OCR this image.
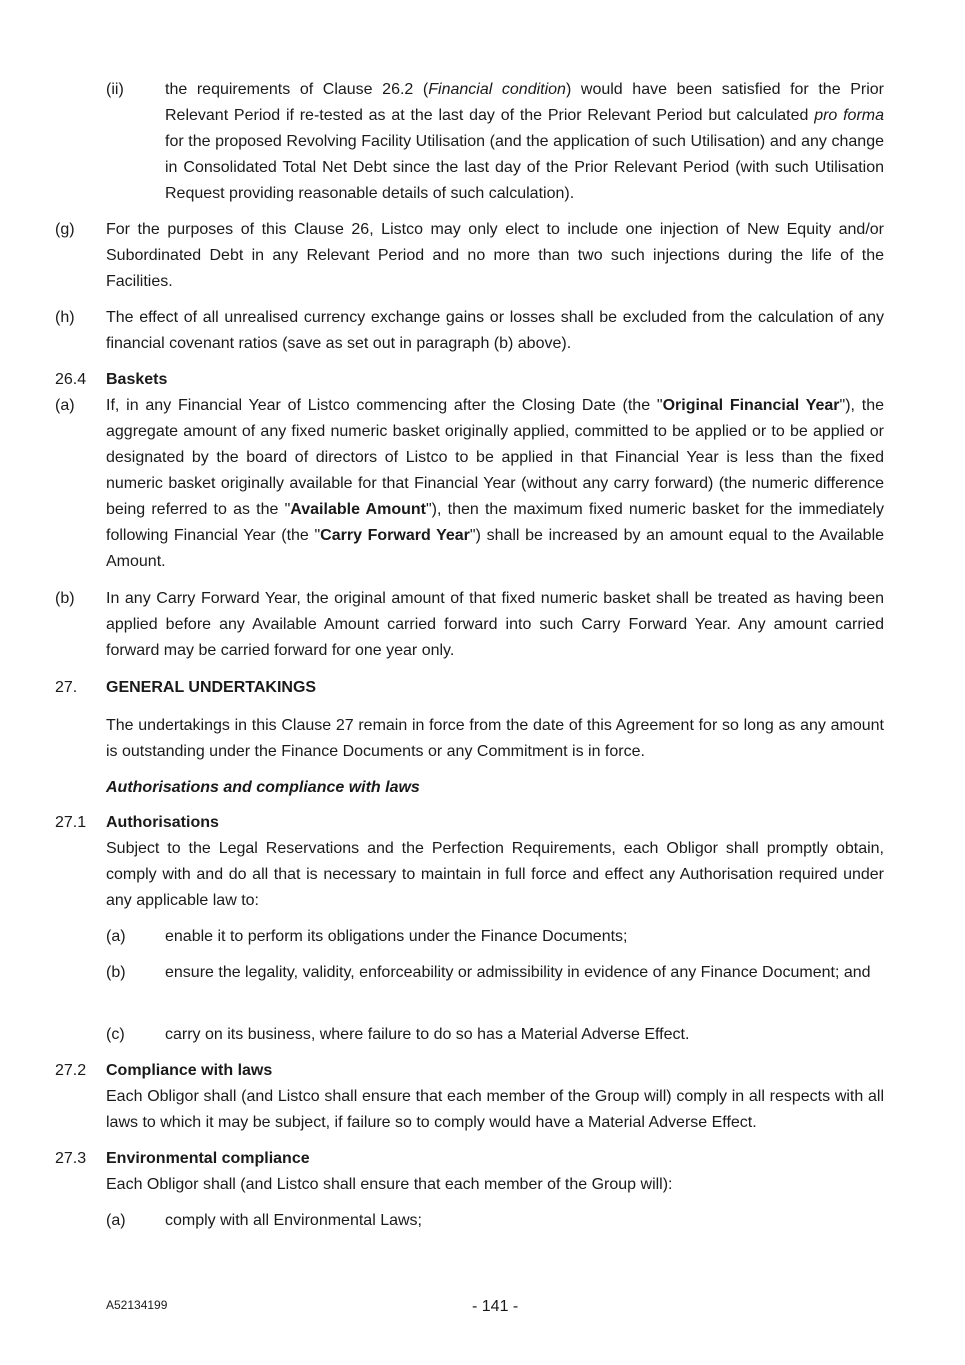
(ii)	the requirements of Clause 26.2 (Financial condition) would have been satisfied for the Prior Relevant Period if re-tested as at the last day of the Prior Relevant Period but calculated pro forma for the proposed Revolving Facility Utilisation (and the application of such Utilisation) and any change in Consolidated Total Net Debt since the last day of the Prior Relevant Period (with such Utilisation Request providing reasonable details of such calculation).
(g) For the purposes of this Clause 26, Listco may only elect to include one injection of New Equity and/or Subordinated Debt in any Relevant Period and no more than two such injections during the life of the Facilities.
(h) The effect of all unrealised currency exchange gains or losses shall be excluded from the calculation of any financial covenant ratios (save as set out in paragraph (b) above).
26.4 Baskets
(a) If, in any Financial Year of Listco commencing after the Closing Date (the "Original Financial Year"), the aggregate amount of any fixed numeric basket originally applied, committed to be applied or to be applied or designated by the board of directors of Listco to be applied in that Financial Year is less than the fixed numeric basket originally available for that Financial Year (without any carry forward) (the numeric difference being referred to as the "Available Amount"), then the maximum fixed numeric basket for the immediately following Financial Year (the "Carry Forward Year") shall be increased by an amount equal to the Available Amount.
(b) In any Carry Forward Year, the original amount of that fixed numeric basket shall be treated as having been applied before any Available Amount carried forward into such Carry Forward Year. Any amount carried forward may be carried forward for one year only.
27. GENERAL UNDERTAKINGS
The undertakings in this Clause 27 remain in force from the date of this Agreement for so long as any amount is outstanding under the Finance Documents or any Commitment is in force.
Authorisations and compliance with laws
27.1 Authorisations
Subject to the Legal Reservations and the Perfection Requirements, each Obligor shall promptly obtain, comply with and do all that is necessary to maintain in full force and effect any Authorisation required under any applicable law to:
(a) enable it to perform its obligations under the Finance Documents;
(b) ensure the legality, validity, enforceability or admissibility in evidence of any Finance Document; and
(c)	carry on its business, where failure to do so has a Material Adverse Effect.
27.2 Compliance with laws
Each Obligor shall (and Listco shall ensure that each member of the Group will) comply in all respects with all laws to which it may be subject, if failure so to comply would have a Material Adverse Effect.
27.3 Environmental compliance
Each Obligor shall (and Listco shall ensure that each member of the Group will):
(a) comply with all Environmental Laws;
A52134199	- 141 -
